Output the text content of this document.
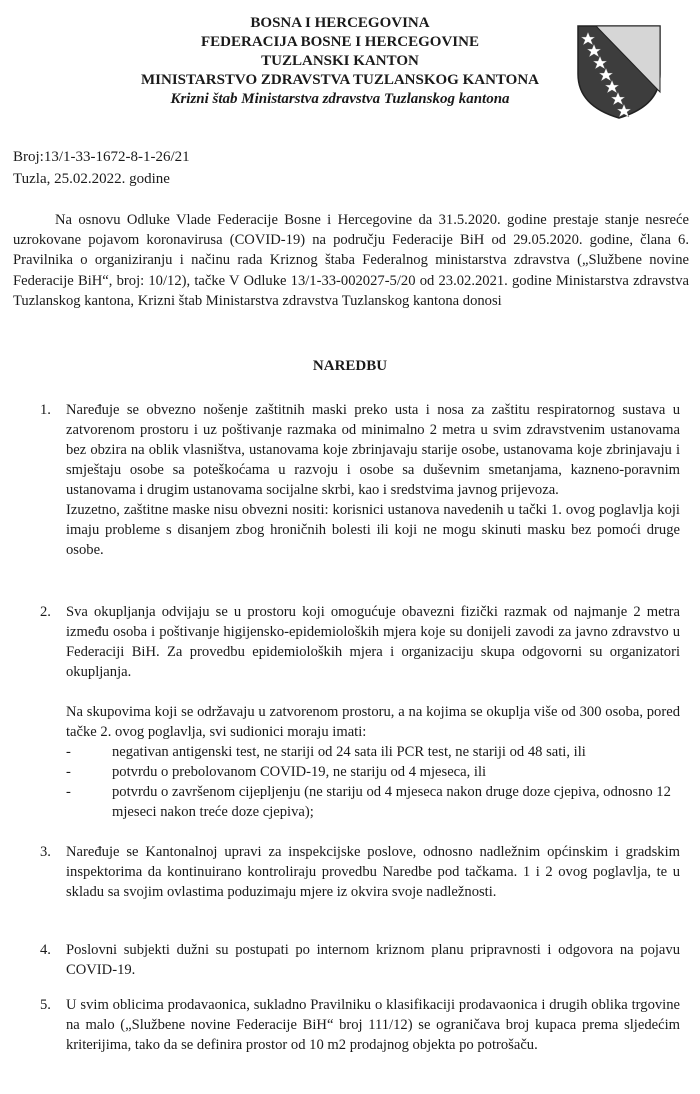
BOSNA I HERCEGOVINA
FEDERACIJA BOSNE I HERCEGOVINE
TUZLANSKI KANTON
MINISTARSTVO ZDRAVSTVA TUZLANSKOG KANTONA
Krizni štab Ministarstva zdravstva Tuzlanskog kantona
Broj:13/1-33-1672-8-1-26/21
Tuzla, 25.02.2022. godine

Na osnovu Odluke Vlade Federacije Bosne i Hercegovine da 31.5.2020. godine prestaje stanje nesreće uzrokovane pojavom koronavirusa (COVID-19) na području Federacije BiH od 29.05.2020. godine, člana 6. Pravilnika o organiziranju i načinu rada Kriznog štaba Federalnog ministarstva zdravstva („Službene novine Federacije BiH“, broj: 10/12), tačke V Odluke 13/1-33-002027-5/20 od 23.02.2021. godine Ministarstva zdravstva Tuzlanskog kantona, Krizni štab Ministarstva zdravstva Tuzlanskog kantona donosi

NAREDBU
1.	Naređuje se obvezno nošenje zaštitnih maski preko usta i nosa za zaštitu respiratornog sustava u zatvorenom prostoru i uz poštivanje razmaka od minimalno 2 metra u svim zdravstvenim ustanovama bez obzira na oblik vlasništva, ustanovama koje zbrinjavaju starije osobe, ustanovama koje zbrinjavaju i smještaju osobe sa poteškoćama u razvoju i osobe sa duševnim smetanjama, kazneno-poravnim ustanovama i drugim ustanovama socijalne skrbi, kao i sredstvima javnog prijevoza.

Izuzetno, zaštitne maske nisu obvezni nositi: korisnici ustanova navedenih u tački 1. ovog poglavlja koji imaju probleme s disanjem zbog hroničnih bolesti ili koji ne mogu skinuti masku bez pomoći druge osobe.

2.	Sva okupljanja odvijaju se u prostoru koji omogućuje obavezni fizički razmak od najmanje 2 metra između osoba i poštivanje higijensko-epidemioloških mjera koje su donijeli zavodi za javno zdravstvo u Federaciji BiH. Za provedbu epidemioloških mjera i organizaciju skupa odgovorni su organizatori okupljanja.

Na skupovima koji se održavaju u zatvorenom prostoru, a na kojima se okuplja više od 300 osoba, pored tačke 2. ovog poglavlja, svi sudionici moraju imati:

- negativan antigenski test, ne stariji od 24 sata ili PCR test, ne stariji od 48 sati, ili
- potvrdu o prebolovanom COVID-19, ne stariju od 4 mjeseca, ili
- potvrdu o završenom cijepljenju (ne stariju od 4 mjeseca nakon druge doze cjepiva, odnosno 12 mjeseci nakon treće doze cjepiva);
3.	Naređuje se Kantonalnoj upravi za inspekcijske poslove, odnosno nadležnim općinskim i gradskim inspektorima da kontinuirano kontroliraju provedbu Naredbe pod tačkama. 1 i 2 ovog poglavlja, te u skladu sa svojim ovlastima poduzimaju mjere iz okvira svoje nadležnosti.

4.	Poslovni subjekti dužni su postupati po internom kriznom planu pripravnosti i odgovora na pojavu COVID-19.

5.	U svim oblicima prodavaonica, sukladno Pravilniku o klasifikaciji prodavaonica i drugih oblika trgovine na malo („Službene novine Federacije BiH“ broj 111/12) se ograničava broj kupaca prema sljedećim kriterijima, tako da se definira prostor od 10 m2 prodajnog objekta po potrošaču.
